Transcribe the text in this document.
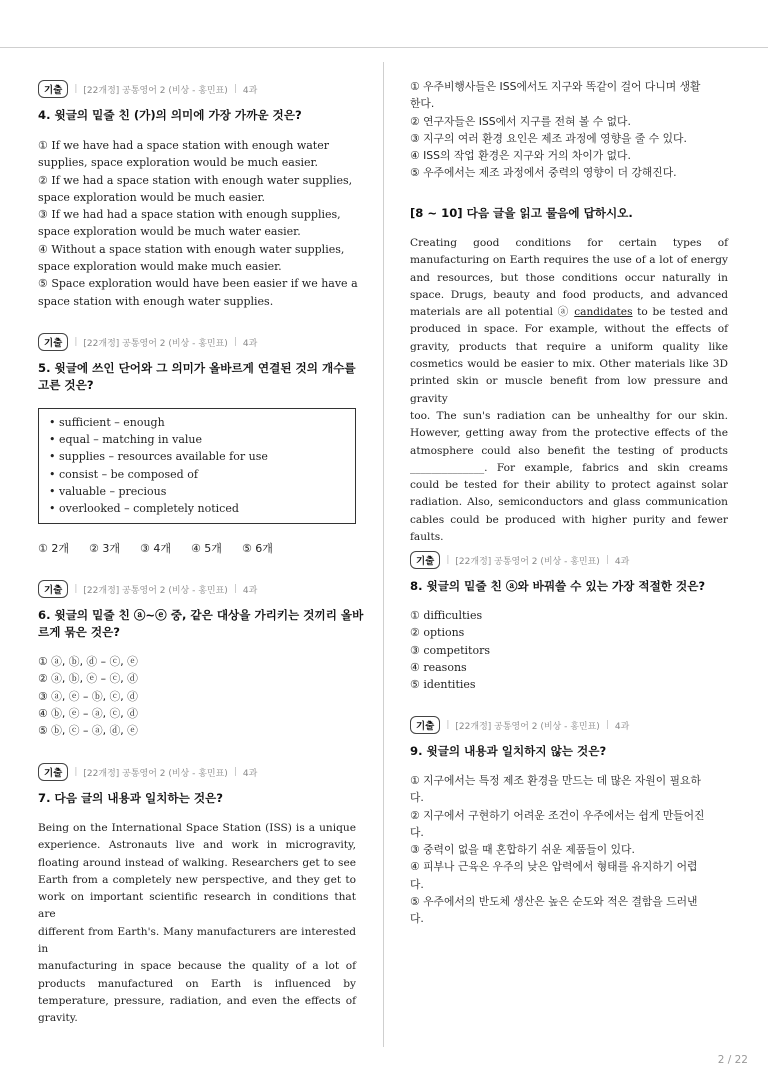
기출	| [22개정] 공통영어 2 (비상 - 홍민표) | 4과
4. 윗글의 밑줄 친 (가)의 의미에 가장 가까운 것은?
① If we have had a space station with enough water
supplies, space exploration would be much easier.
② If we had a space station with enough water supplies,
space exploration would be much easier.
③ If we had had a space station with enough supplies,
space exploration would be much water easier.
④ Without a space station with enough water supplies,
space exploration would make much easier.
⑤ Space exploration would have been easier if we have a
space station with enough water supplies.
기출	| [22개정] 공통영어 2 (비상 - 홍민표) | 4과
5. 윗글에 쓰인 단어와 그 의미가 올바르게 연결된 것의 개수를
고른 것은?
• sufficient – enough
• equal – matching in value
• supplies – resources available for use
• consist – be composed of
• valuable – precious
• overlooked – completely noticed
① 2개 ② 3개 ③ 4개 ④ 5개 ⑤ 6개
기출	| [22개정] 공통영어 2 (비상 - 홍민표) | 4과
6. 윗글의 밑줄 친 ⓐ~ⓔ 중, 같은 대상을 가리키는 것끼리 올바
르게 묶은 것은?
① ⓐ, ⓑ, ⓓ – ⓒ, ⓔ
② ⓐ, ⓑ, ⓔ – ⓒ, ⓓ
③ ⓐ, ⓔ – ⓑ, ⓒ, ⓓ
④ ⓑ, ⓔ – ⓐ, ⓒ, ⓓ
⑤ ⓑ, ⓒ – ⓐ, ⓓ, ⓔ
기출	| [22개정] 공통영어 2 (비상 - 홍민표) | 4과
7. 다음 글의 내용과 일치하는 것은?
Being on the International Space Station (ISS) is a unique
experience. Astronauts live and work in microgravity,
floating around instead of walking. Researchers get to see
Earth from a completely new perspective, and they get to
work on important scientific research in conditions that are
different from Earth's. Many manufacturers are interested in
manufacturing in space because the quality of a lot of
products manufactured on Earth is influenced by
temperature, pressure, radiation, and even the effects of
gravity.
① 우주비행사들은 ISS에서도 지구와 똑같이 걸어 다니며 생활
한다.
② 연구자들은 ISS에서 지구를 전혀 볼 수 없다.
③ 지구의 여러 환경 요인은 제조 과정에 영향을 줄 수 있다.
④ ISS의 작업 환경은 지구와 거의 차이가 없다.
⑤ 우주에서는 제조 과정에서 중력의 영향이 더 강해진다.
[8 ~ 10] 다음 글을 읽고 물음에 답하시오.
Creating good conditions for certain types of
manufacturing on Earth requires the use of a lot of energy
and resources, but those conditions occur naturally in
space. Drugs, beauty and food products, and advanced
materials are all potential ⓐ candidates to be tested and
produced in space. For example, without the effects of
gravity, products that require a uniform quality like
cosmetics would be easier to mix. Other materials like 3D
printed skin or muscle benefit from low pressure and gravity
too. The sun's radiation can be unhealthy for our skin.
However, getting away from the protective effects of the
atmosphere could also benefit the testing of products
______________. For example, fabrics and skin creams
could be tested for their ability to protect against solar
radiation. Also, semiconductors and glass communication
cables could be produced with higher purity and fewer
faults.
기출	| [22개정] 공통영어 2 (비상 - 홍민표) | 4과
8. 윗글의 밑줄 친 ⓐ와 바꿔쓸 수 있는 가장 적절한 것은?
① difficulties
② options
③ competitors
④ reasons
⑤ identities
기출	| [22개정] 공통영어 2 (비상 - 홍민표) | 4과
9. 윗글의 내용과 일치하지 않는 것은?
① 지구에서는 특정 제조 환경을 만드는 데 많은 자원이 필요하
다.
② 지구에서 구현하기 어려운 조건이 우주에서는 쉽게 만들어진
다.
③ 중력이 없을 때 혼합하기 쉬운 제품들이 있다.
④ 피부나 근육은 우주의 낮은 압력에서 형태를 유지하기 어렵
다.
⑤ 우주에서의 반도체 생산은 높은 순도와 적은 결함을 드러낸
다.
2 / 22
